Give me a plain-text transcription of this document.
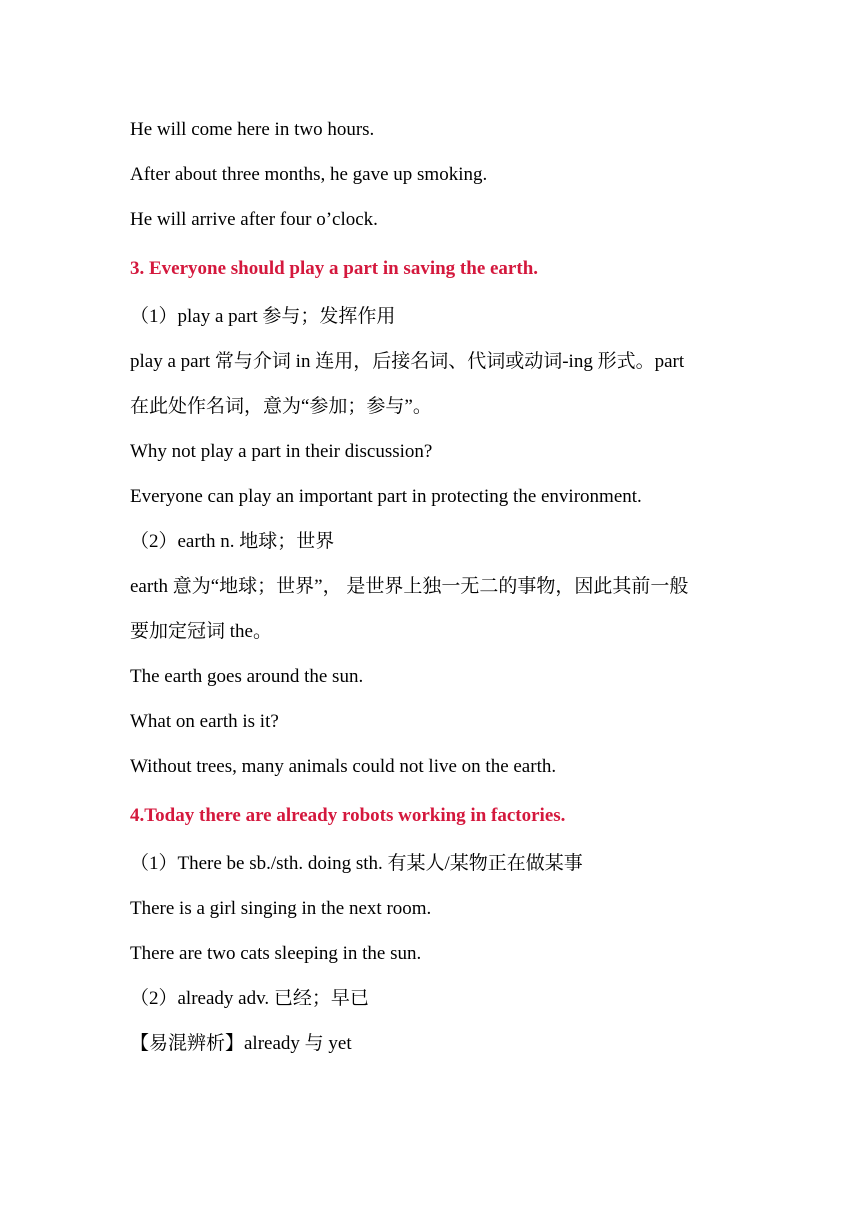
He will come here in two hours.
After about three months, he gave up smoking.
He will arrive after four o’clock.
3. Everyone should play a part in saving the earth.
（1）play a part 参与；发挥作用
play a part 常与介词 in 连用，后接名词、代词或动词-ing 形式。part
在此处作名词，意为“参加；参与”。
Why not play a part in their discussion?
Everyone can play an important part in protecting the environment.
（2）earth n. 地球；世界
earth 意为“地球；世界”， 是世界上独一无二的事物，因此其前一般
要加定冠词 the。
The earth goes around the sun.
What on earth is it?
Without trees, many animals could not live on the earth.
4.Today there are already robots working in factories.
（1）There be sb./sth. doing sth. 有某人/某物正在做某事
There is a girl singing in the next room.
There are two cats sleeping in the sun.
（2）already adv. 已经；早已
【易混辨析】already 与 yet
